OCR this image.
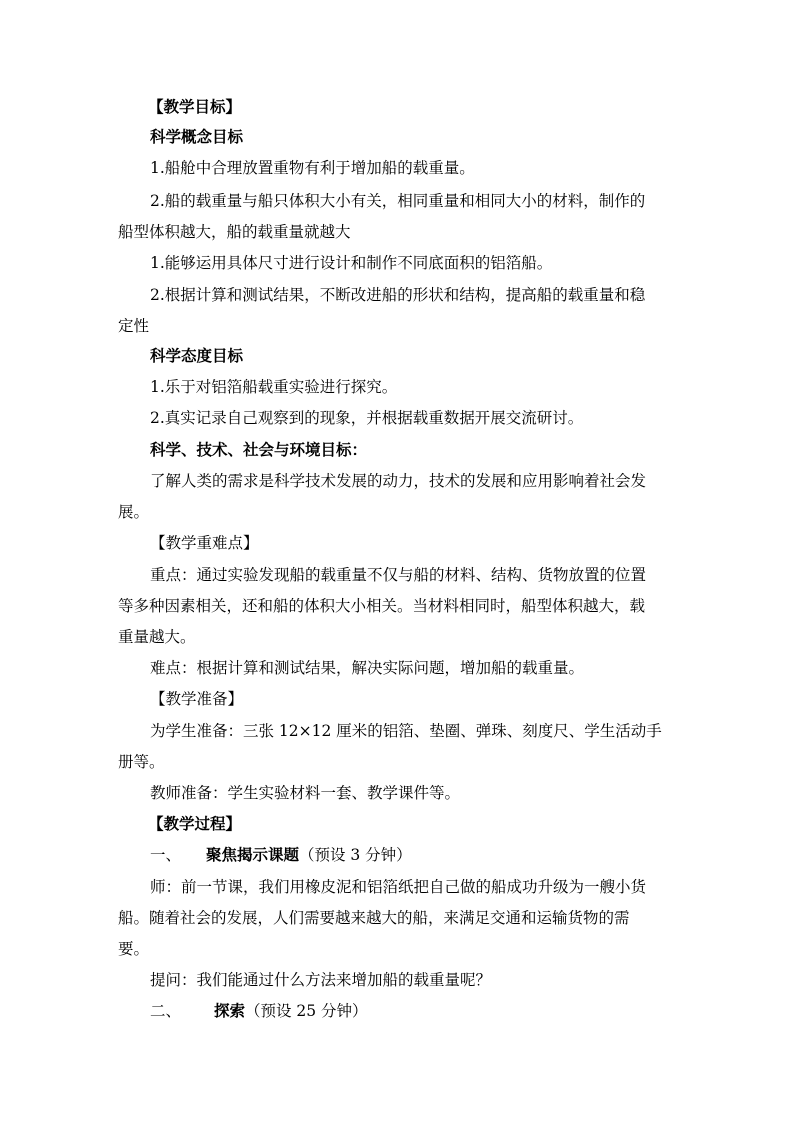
【教学目标】
科学概念目标
1.船舱中合理放置重物有利于增加船的载重量。
2.船的载重量与船只体积大小有关，相同重量和相同大小的材料，制作的
船型体积越大，船的载重量就越大
1.能够运用具体尺寸进行设计和制作不同底面积的铝箔船。
2.根据计算和测试结果，不断改进船的形状和结构，提高船的载重量和稳
定性
科学态度目标
1.乐于对铝箔船载重实验进行探究。
2.真实记录自己观察到的现象，并根据载重数据开展交流研讨。
科学、技术、社会与环境目标：
了解人类的需求是科学技术发展的动力，技术的发展和应用影响着社会发
展。
【教学重难点】
重点：通过实验发现船的载重量不仅与船的材料、结构、货物放置的位置
等多种因素相关，还和船的体积大小相关。当材料相同时，船型体积越大，载
重量越大。
难点：根据计算和测试结果，解决实际问题，增加船的载重量。
【教学准备】
为学生准备：三张 12×12 厘米的铝箔、垫圈、弹珠、刻度尺、学生活动手
册等。
教师准备：学生实验材料一套、教学课件等。
【教学过程】
一、 聚焦揭示课题（预设 3 分钟）
师：前一节课，我们用橡皮泥和铝箔纸把自己做的船成功升级为一艘小货
船。随着社会的发展，人们需要越来越大的船，来满足交通和运输货物的需
要。
提问：我们能通过什么方法来增加船的载重量呢？
二、 探索（预设 25 分钟）
